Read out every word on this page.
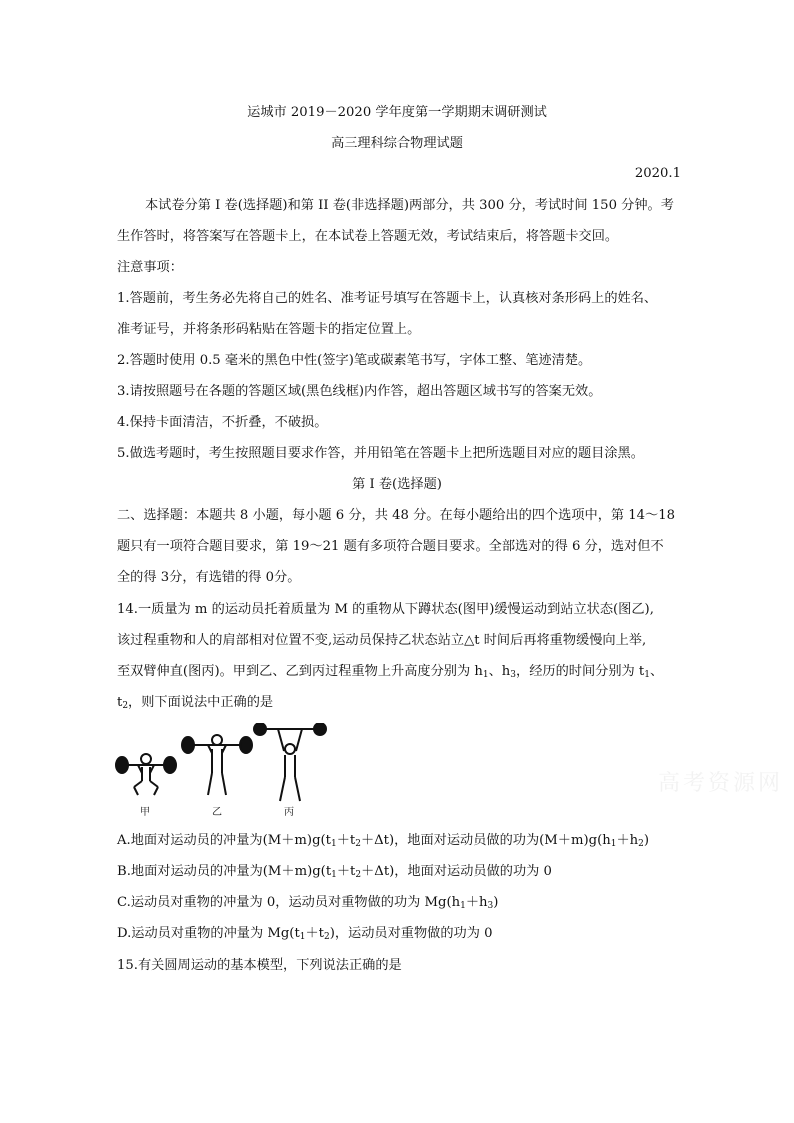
运城市 2019－2020 学年度第一学期期末调研测试
高三理科综合物理试题
2020.1
本试卷分第 I 卷(选择题)和第 II 卷(非选择题)两部分，共 300 分，考试时间 150 分钟。考
生作答时，将答案写在答题卡上，在本试卷上答题无效，考试结束后，将答题卡交回。
注意事项：
1.答题前，考生务必先将自己的姓名、准考证号填写在答题卡上，认真核对条形码上的姓名、
准考证号，并将条形码粘贴在答题卡的指定位置上。
2.答题时使用 0.5 毫米的黑色中性(签字)笔或碳素笔书写，字体工整、笔迹清楚。
3.请按照题号在各题的答题区域(黑色线框)内作答，超出答题区域书写的答案无效。
4.保持卡面清洁，不折叠，不破损。
5.做选考题时，考生按照题目要求作答，并用铅笔在答题卡上把所选题目对应的题目涂黑。
第 I 卷(选择题)
二、选择题：本题共 8 小题，每小题 6 分，共 48 分。在每小题给出的四个选项中，第 14～18
题只有一项符合题目要求，第 19～21 题有多项符合题目要求。全部选对的得 6 分，选对但不
全的得 3分，有选错的得 0分。
14.一质量为 m 的运动员托着质量为 M 的重物从下蹲状态(图甲)缓慢运动到站立状态(图乙),
该过程重物和人的肩部相对位置不变,运动员保持乙状态站立△t 时间后再将重物缓慢向上举,
至双臂伸直(图丙)。甲到乙、乙到丙过程重物上升高度分别为 $h_1$、$h_3$，经历的时间分别为 $t_1$、
$t_2$，则下面说法中正确的是
甲	乙	丙
高考资源网
A.地面对运动员的冲量为$(M+m)g(t_1+t_2+\Delta t)$，地面对运动员做的功为$(M+m)g(h_1+h_2)$
B.地面对运动员的冲量为$(M+m)g(t_1+t_2+\Delta t)$，地面对运动员做的功为 0
C.运动员对重物的冲量为 0，运动员对重物做的功为 $Mg(h_1+h_3)$
D.运动员对重物的冲量为 $Mg(t_1+t_2)$，运动员对重物做的功为 0
15.有关圆周运动的基本模型，下列说法正确的是
